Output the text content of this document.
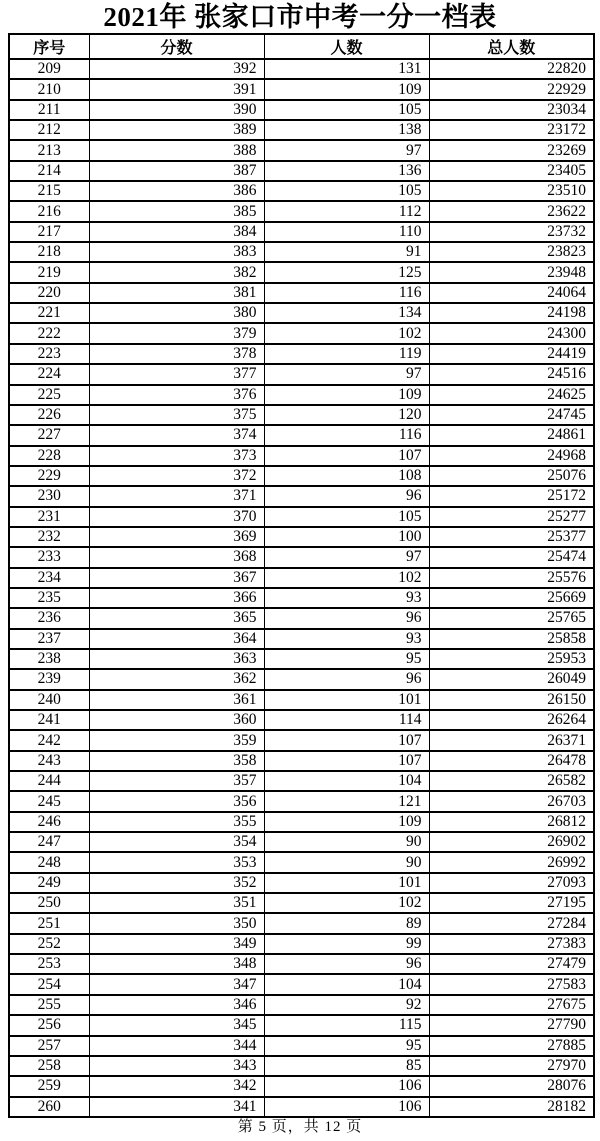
2021年 张家口市中考一分一档表
序号	分数	人数	总人数
209	392	131	22820
210	391	109	22929
211	390	105	23034
212	389	138	23172
213	388	97	23269
214	387	136	23405
215	386	105	23510
216	385	112	23622
217	384	110	23732
218	383	91	23823
219	382	125	23948
220	381	116	24064
221	380	134	24198
222	379	102	24300
223	378	119	24419
224	377	97	24516
225	376	109	24625
226	375	120	24745
227	374	116	24861
228	373	107	24968
229	372	108	25076
230	371	96	25172
231	370	105	25277
232	369	100	25377
233	368	97	25474
234	367	102	25576
235	366	93	25669
236	365	96	25765
237	364	93	25858
238	363	95	25953
239	362	96	26049
240	361	101	26150
241	360	114	26264
242	359	107	26371
243	358	107	26478
244	357	104	26582
245	356	121	26703
246	355	109	26812
247	354	90	26902
248	353	90	26992
249	352	101	27093
250	351	102	27195
251	350	89	27284
252	349	99	27383
253	348	96	27479
254	347	104	27583
255	346	92	27675
256	345	115	27790
257	344	95	27885
258	343	85	27970
259	342	106	28076
260	341	106	28182
第 5 页，共 12 页
